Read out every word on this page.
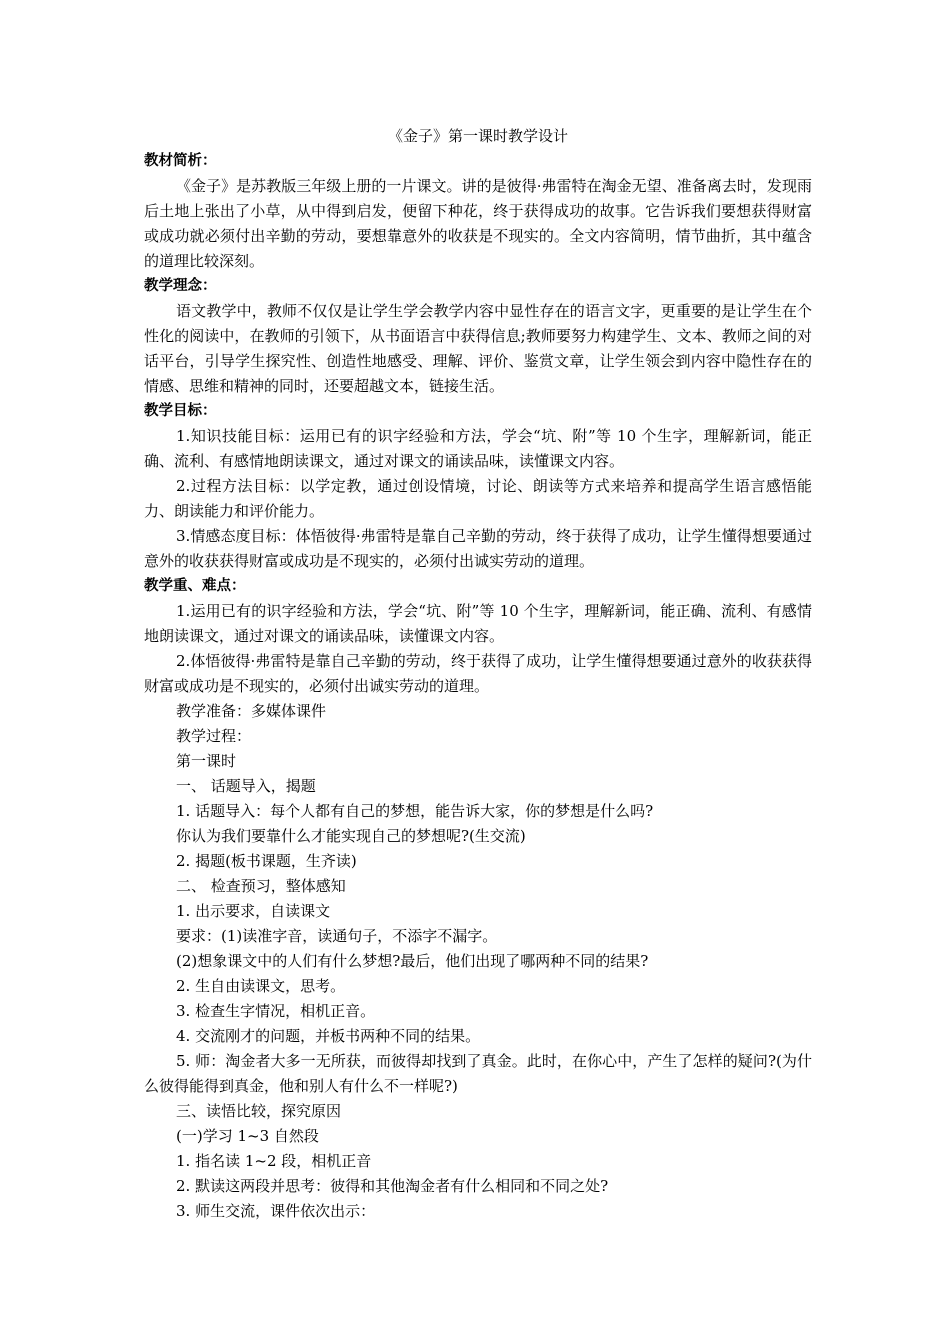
《金子》第一课时教学设计
教材简析：

《金子》是苏教版三年级上册的一片课文。讲的是彼得·弗雷特在淘金无望、准备离去时，发现雨后土地上张出了小草，从中得到启发，便留下种花，终于获得成功的故事。它告诉我们要想获得财富或成功就必须付出辛勤的劳动，要想靠意外的收获是不现实的。全文内容简明，情节曲折，其中蕴含的道理比较深刻。

教学理念：

语文教学中，教师不仅仅是让学生学会教学内容中显性存在的语言文字，更重要的是让学生在个性化的阅读中，在教师的引领下，从书面语言中获得信息;教师要努力构建学生、文本、教师之间的对话平台，引导学生探究性、创造性地感受、理解、评价、鉴赏文章，让学生领会到内容中隐性存在的情感、思维和精神的同时，还要超越文本，链接生活。

教学目标：

1.知识技能目标：运用已有的识字经验和方法，学会“坑、附”等 10 个生字，理解新词，能正确、流利、有感情地朗读课文，通过对课文的诵读品味，读懂课文内容。

2.过程方法目标：以学定教，通过创设情境，讨论、朗读等方式来培养和提高学生语言感悟能力、朗读能力和评价能力。

3.情感态度目标：体悟彼得·弗雷特是靠自己辛勤的劳动，终于获得了成功，让学生懂得想要通过意外的收获获得财富或成功是不现实的，必须付出诚实劳动的道理。

教学重、难点：

1.运用已有的识字经验和方法，学会“坑、附”等 10 个生字，理解新词，能正确、流利、有感情地朗读课文，通过对课文的诵读品味，读懂课文内容。

2.体悟彼得·弗雷特是靠自己辛勤的劳动，终于获得了成功，让学生懂得想要通过意外的收获获得财富或成功是不现实的，必须付出诚实劳动的道理。

教学准备：多媒体课件

教学过程：

第一课时

一、 话题导入，揭题

1. 话题导入：每个人都有自己的梦想，能告诉大家，你的梦想是什么吗?

你认为我们要靠什么才能实现自己的梦想呢?(生交流)

2. 揭题(板书课题，生齐读)

二、 检查预习，整体感知

1. 出示要求，自读课文

要求：(1)读准字音，读通句子，不添字不漏字。

(2)想象课文中的人们有什么梦想?最后，他们出现了哪两种不同的结果?

2. 生自由读课文，思考。

3. 检查生字情况，相机正音。

4. 交流刚才的问题，并板书两种不同的结果。

5. 师：淘金者大多一无所获，而彼得却找到了真金。此时，在你心中，产生了怎样的疑问?(为什么彼得能得到真金，他和别人有什么不一样呢?)

三、读悟比较，探究原因

(一)学习 1~3 自然段

1. 指名读 1~2 段，相机正音

2. 默读这两段并思考：彼得和其他淘金者有什么相同和不同之处?

3. 师生交流，课件依次出示：
